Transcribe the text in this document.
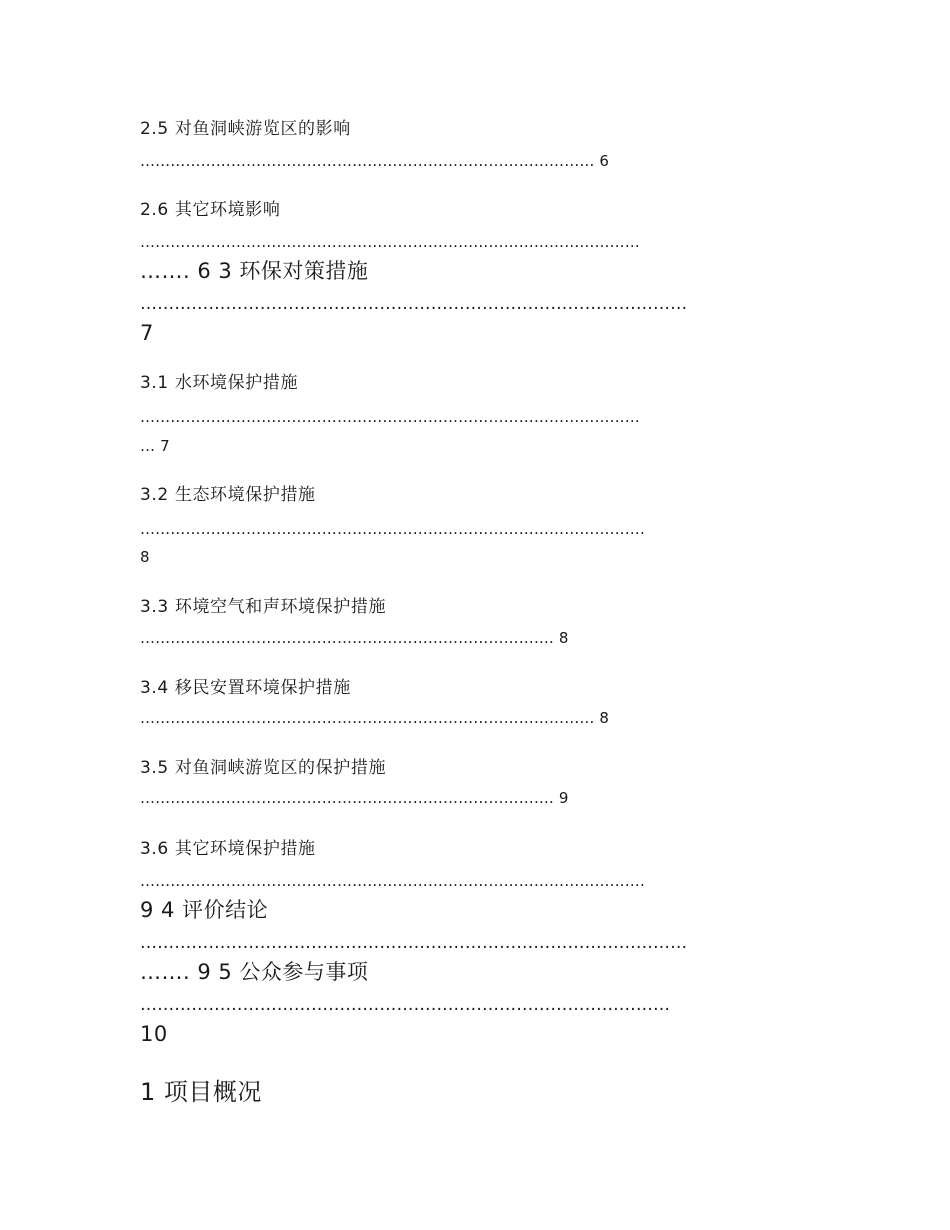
2.5 对鱼洞峡游览区的影响

……………………………………………………………………………… 6

2.6 其它环境影响

………………………………………………………………………………………

……. 6 3 环保对策措施

……………………………………………………………………………………

7

3.1 水环境保护措施

………………………………………………………………………………………

… 7

3.2 生态环境保护措施

……………………………………………………………………………………….

8

3.3 环境空气和声环境保护措施

………………………………………………………………………. 8

3.4 移民安置环境保护措施

……………………………………………………………………………… 8

3.5 对鱼洞峡游览区的保护措施

………………………………………………………………………. 9

3.6 其它环境保护措施

……………………………………………………………………………………….

9 4 评价结论

……………………………………………………………………………………

……. 9 5 公众参与事项

…………………………………………………………………………………

10

1 项目概况
